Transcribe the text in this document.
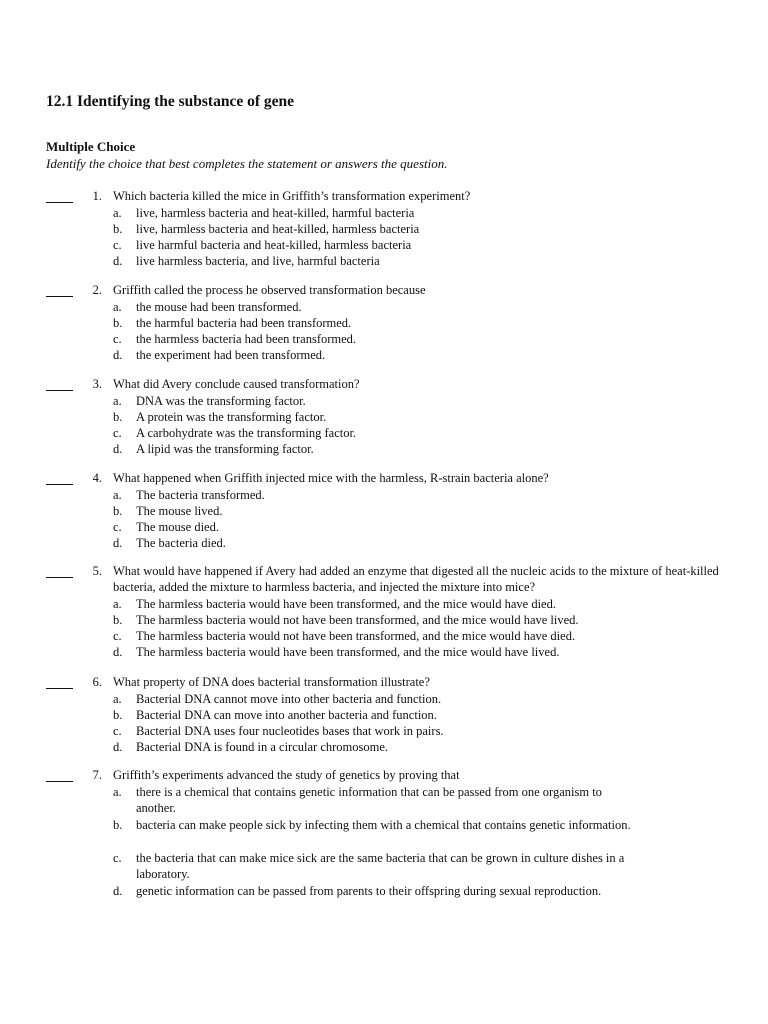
12.1 Identifying the substance of gene
Multiple Choice
Identify the choice that best completes the statement or answers the question.
1. Which bacteria killed the mice in Griffith’s transformation experiment?

a. live, harmless bacteria and heat-killed, harmful bacteria
b. live, harmless bacteria and heat-killed, harmless bacteria
c. live harmful bacteria and heat-killed, harmless bacteria
d. live harmless bacteria, and live, harmful bacteria
2. Griffith called the process he observed transformation because

a. the mouse had been transformed.
b. the harmful bacteria had been transformed.
c. the harmless bacteria had been transformed.
d. the experiment had been transformed.
3. What did Avery conclude caused transformation?

a. DNA was the transforming factor.
b. A protein was the transforming factor.
c. A carbohydrate was the transforming factor.
d. A lipid was the transforming factor.
4. What happened when Griffith injected mice with the harmless, R-strain bacteria alone?

a. The bacteria transformed.
b. The mouse lived.
c. The mouse died.
d. The bacteria died.
5. What would have happened if Avery had added an enzyme that digested all the nucleic acids to the mixture of heat-killed bacteria, added the mixture to harmless bacteria, and injected the mixture into mice?

a. The harmless bacteria would have been transformed, and the mice would have died.
b. The harmless bacteria would not have been transformed, and the mice would have lived.
c. The harmless bacteria would not have been transformed, and the mice would have died.
d. The harmless bacteria would have been transformed, and the mice would have lived.
6. What property of DNA does bacterial transformation illustrate?

a. Bacterial DNA cannot move into other bacteria and function.
b. Bacterial DNA can move into another bacteria and function.
c. Bacterial DNA uses four nucleotides bases that work in pairs.
d. Bacterial DNA is found in a circular chromosome.
7. Griffith’s experiments advanced the study of genetics by proving that

a. there is a chemical that contains genetic information that can be passed from one organism to another.
b. bacteria can make people sick by infecting them with a chemical that contains genetic information.
c. the bacteria that can make mice sick are the same bacteria that can be grown in culture dishes in a laboratory.
d. genetic information can be passed from parents to their offspring during sexual reproduction.
